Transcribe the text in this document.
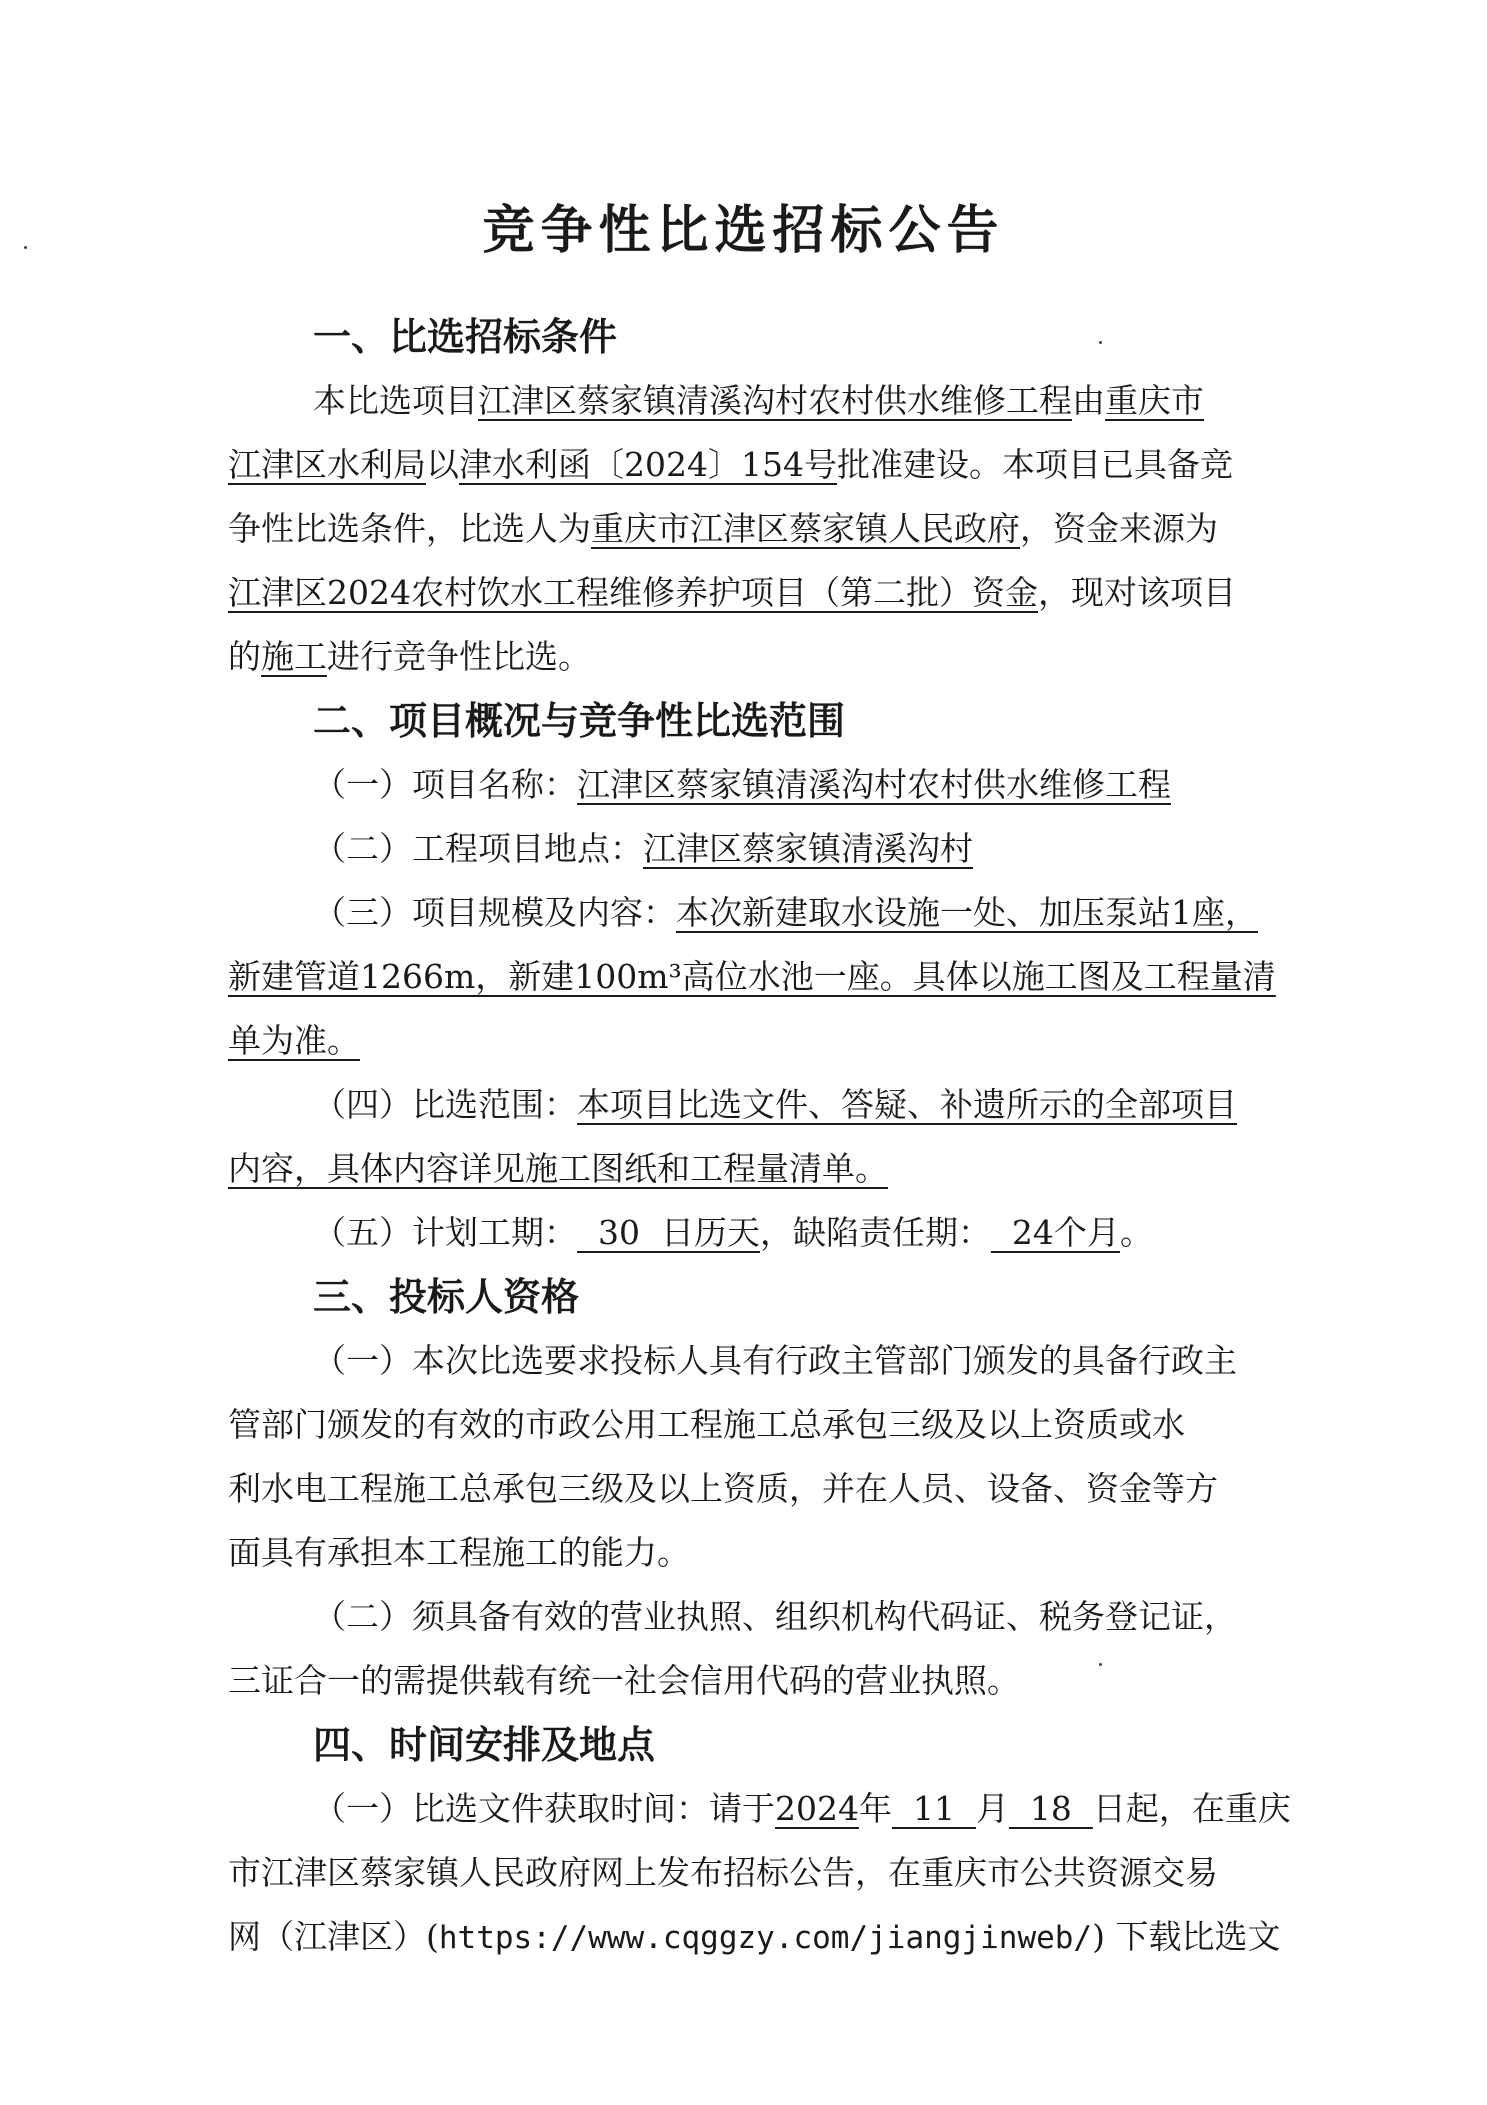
竞争性比选招标公告
一、比选招标条件
本比选项目江津区蔡家镇清溪沟村农村供水维修工程由重庆市
江津区水利局以津水利函〔2024〕154号批准建设。本项目已具备竞
争性比选条件，比选人为重庆市江津区蔡家镇人民政府，资金来源为
江津区2024农村饮水工程维修养护项目（第二批）资金，现对该项目
的施工进行竞争性比选。
二、项目概况与竞争性比选范围
（一）项目名称：江津区蔡家镇清溪沟村农村供水维修工程
（二）工程项目地点：江津区蔡家镇清溪沟村
（三）项目规模及内容：本次新建取水设施一处、加压泵站1座，
新建管道1266m，新建100m³高位水池一座。具体以施工图及工程量清
单为准。
（四）比选范围：本项目比选文件、答疑、补遗所示的全部项目
内容，具体内容详见施工图纸和工程量清单。
（五）计划工期：  30  日历天，缺陷责任期：  24个月。
三、投标人资格
（一）本次比选要求投标人具有行政主管部门颁发的具备行政主
管部门颁发的有效的市政公用工程施工总承包三级及以上资质或水
利水电工程施工总承包三级及以上资质，并在人员、设备、资金等方
面具有承担本工程施工的能力。
（二）须具备有效的营业执照、组织机构代码证、税务登记证，
三证合一的需提供载有统一社会信用代码的营业执照。
四、时间安排及地点
（一）比选文件获取时间：请于2024年  11  月  18  日起，在重庆
市江津区蔡家镇人民政府网上发布招标公告，在重庆市公共资源交易
网（江津区）(https://www.cqggzy.com/jiangjinweb/) 下载比选文
